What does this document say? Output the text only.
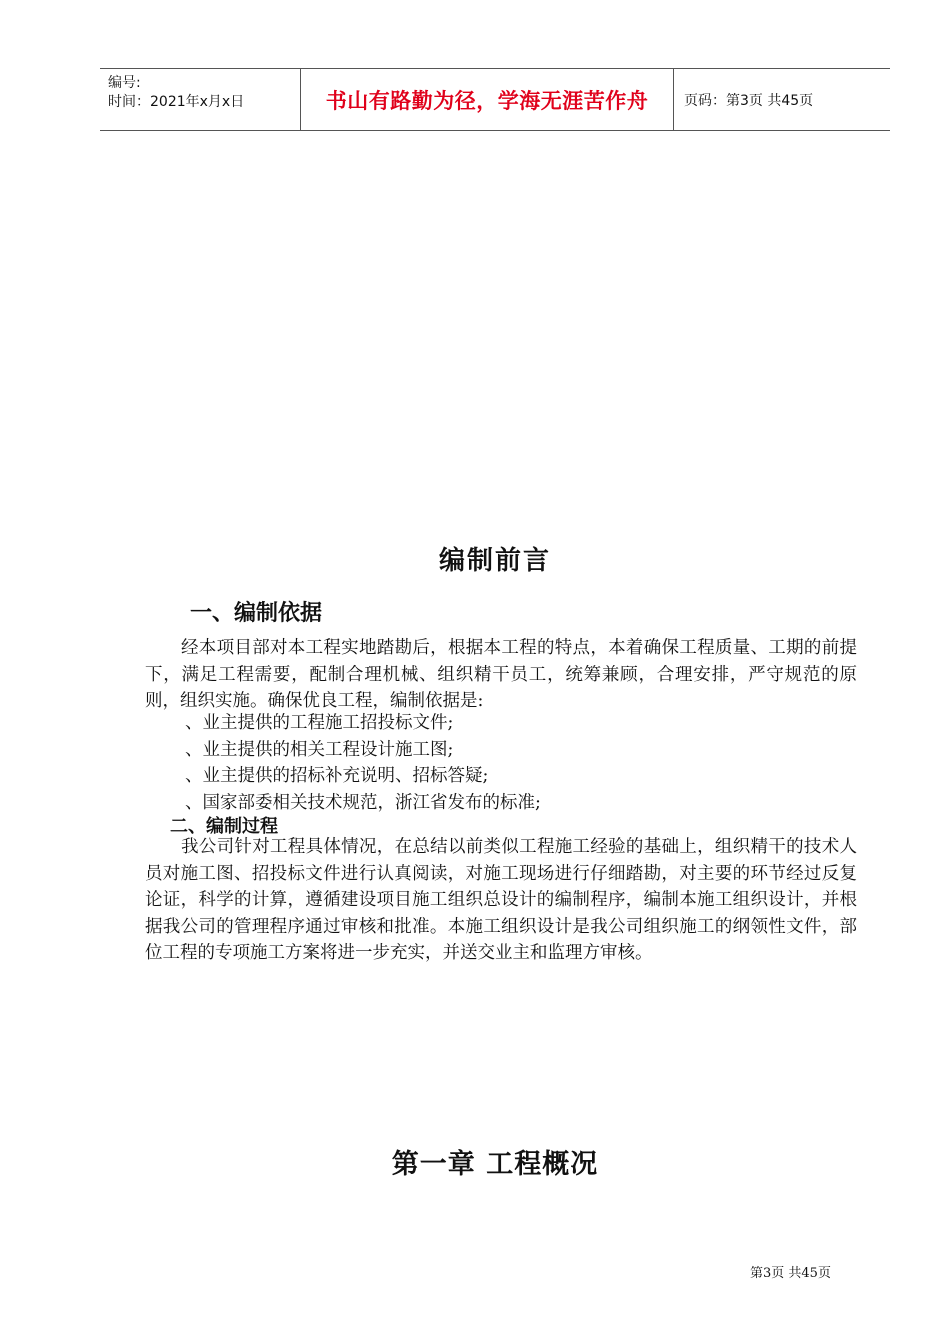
编号:
时间：2021年x月x日	书山有路勤为径，学海无涯苦作舟	页码：第3页 共45页
编制前言
一、编制依据

经本项目部对本工程实地踏勘后，根据本工程的特点，本着确保工程质量、工期的前提下，满足工程需要，配制合理机械、组织精干员工，统筹兼顾，合理安排，严守规范的原则，组织实施。确保优良工程，编制依据是:

、业主提供的工程施工招投标文件;
、业主提供的相关工程设计施工图;
、业主提供的招标补充说明、招标答疑;
、国家部委相关技术规范，浙江省发布的标准;
二、编制过程

我公司针对工程具体情况，在总结以前类似工程施工经验的基础上，组织精干的技术人员对施工图、招投标文件进行认真阅读，对施工现场进行仔细踏勘，对主要的环节经过反复论证，科学的计算，遵循建设项目施工组织总设计的编制程序，编制本施工组织设计，并根据我公司的管理程序通过审核和批准。本施工组织设计是我公司组织施工的纲领性文件，部位工程的专项施工方案将进一步充实，并送交业主和监理方审核。

第一章 工程概况
第3页 共45页
